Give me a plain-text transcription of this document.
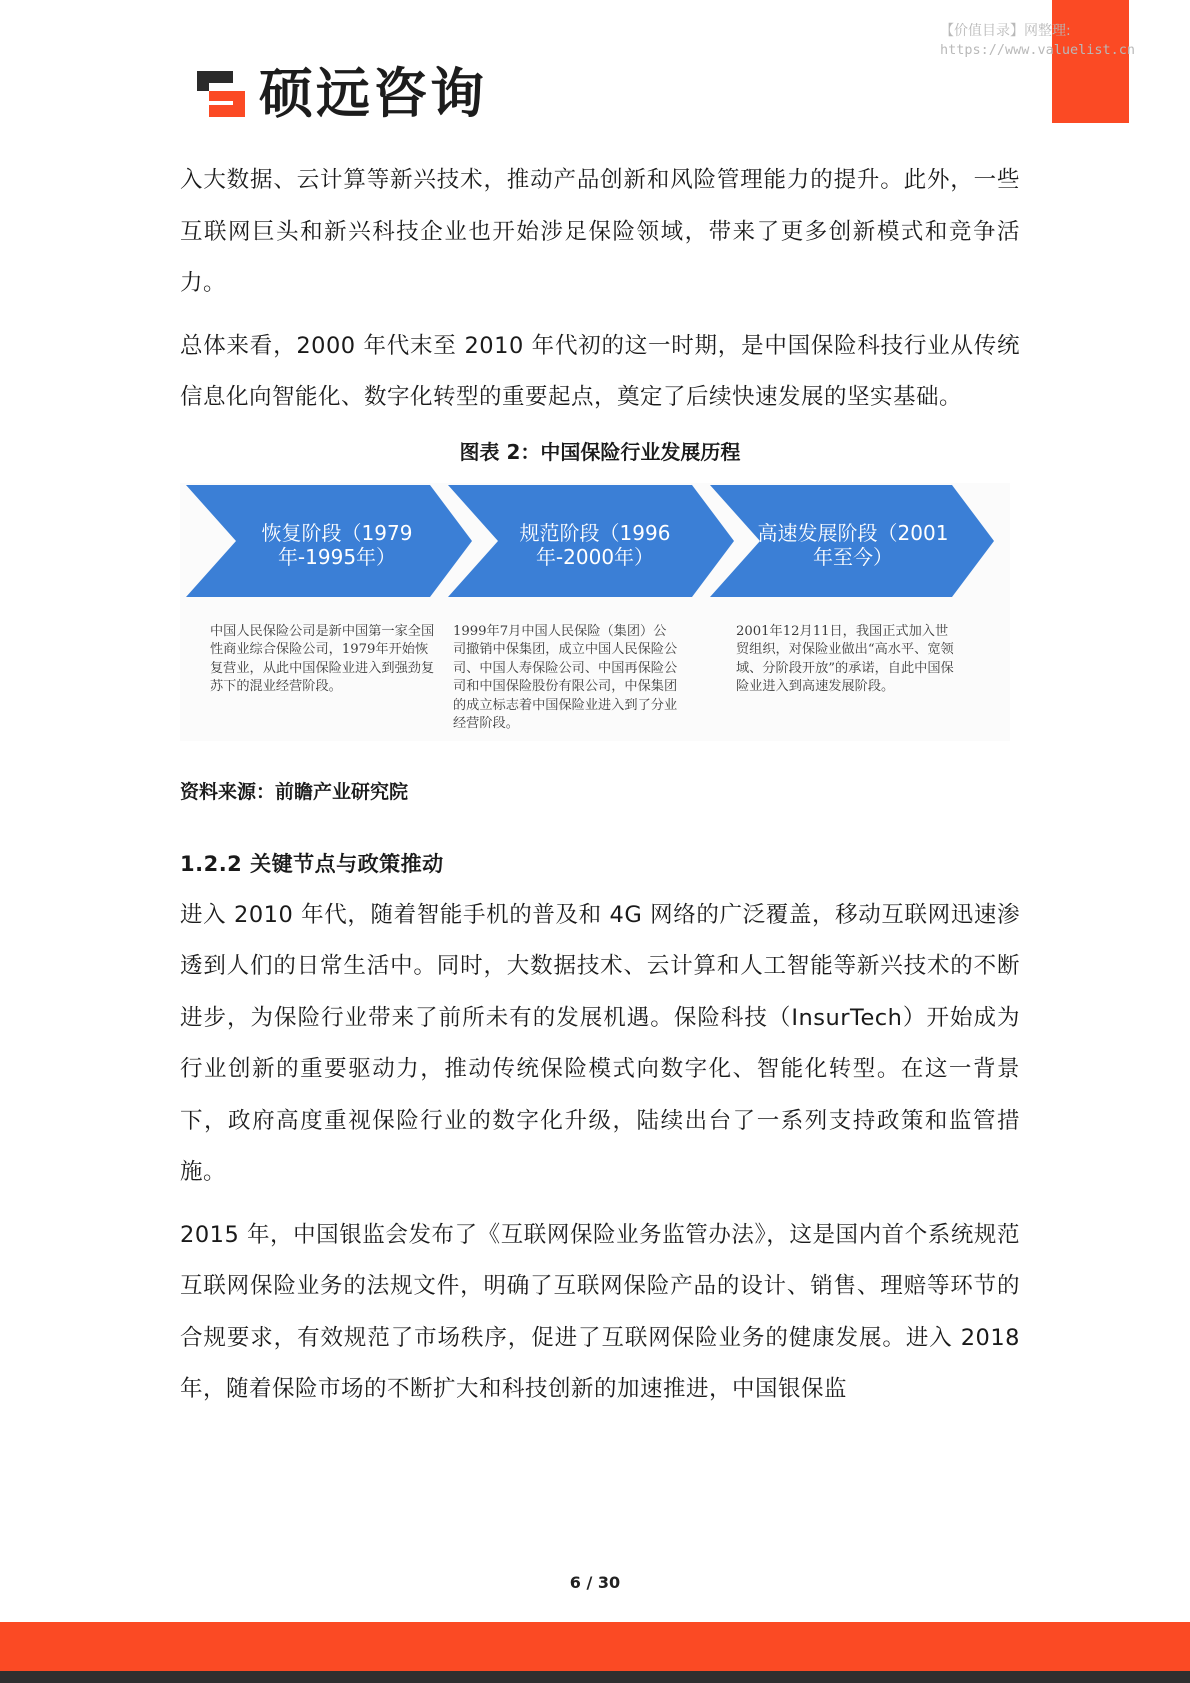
【价值目录】网整理:
https://www.valuelist.cn
硕远咨询

入大数据、云计算等新兴技术，推动产品创新和风险管理能力的提升。此外，一些互联网巨头和新兴科技企业也开始涉足保险领域，带来了更多创新模式和竞争活力。

总体来看，2000 年代末至 2010 年代初的这一时期，是中国保险科技行业从传统信息化向智能化、数字化转型的重要起点，奠定了后续快速发展的坚实基础。

图表 2：中国保险行业发展历程
恢复阶段（1979年-1995年）
规范阶段（1996年-2000年）
高速发展阶段（2001年至今）
中国人民保险公司是新中国第一家全国性商业综合保险公司，1979年开始恢复营业，从此中国保险业进入到强劲复苏下的混业经营阶段。
1999年7月中国人民保险（集团）公司撤销中保集团，成立中国人民保险公司、中国人寿保险公司、中国再保险公司和中国保险股份有限公司，中保集团的成立标志着中国保险业进入到了分业经营阶段。
2001年12月11日，我国正式加入世贸组织，对保险业做出“高水平、宽领域、分阶段开放”的承诺，自此中国保险业进入到高速发展阶段。
资料来源：前瞻产业研究院
1.2.2 关键节点与政策推动

进入 2010 年代，随着智能手机的普及和 4G 网络的广泛覆盖，移动互联网迅速渗透到人们的日常生活中。同时，大数据技术、云计算和人工智能等新兴技术的不断进步，为保险行业带来了前所未有的发展机遇。保险科技（InsurTech）开始成为行业创新的重要驱动力，推动传统保险模式向数字化、智能化转型。在这一背景下，政府高度重视保险行业的数字化升级，陆续出台了一系列支持政策和监管措施。

2015 年，中国银监会发布了《互联网保险业务监管办法》，这是国内首个系统规范互联网保险业务的法规文件，明确了互联网保险产品的设计、销售、理赔等环节的合规要求，有效规范了市场秩序，促进了互联网保险业务的健康发展。进入 2018 年，随着保险市场的不断扩大和科技创新的加速推进，中国银保监

6 / 30
